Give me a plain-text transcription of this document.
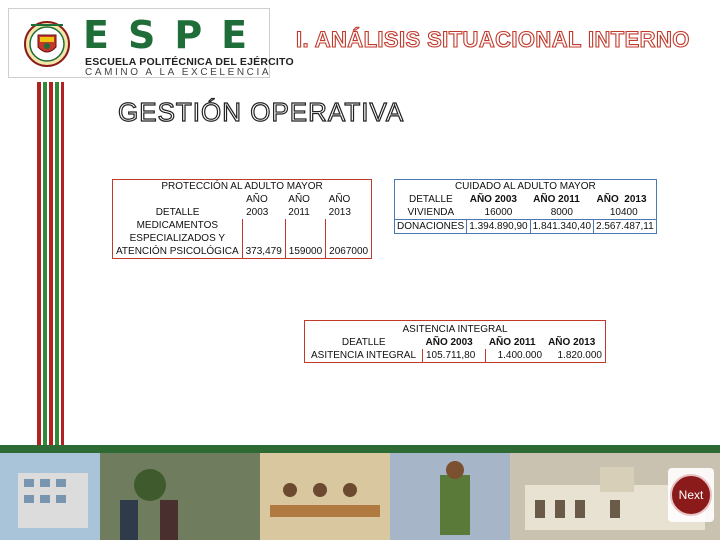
ESPE
ESCUELA POLITÉCNICA DEL EJÉRCITO
CAMINO A LA EXCELENCIA
I. ANÁLISIS SITUACIONAL INTERNO
GESTIÓN OPERATIVA
PROTECCIÓN AL ADULTO MAYOR				
DETALLE	AÑO	AÑO		AÑO
	2003	2011		2013

MEDICAMENTOS
ESPECIALIZADOS Y
ATENCIÓN PSICOLÓGICA	373,479	159000		2067000
CUIDADO AL ADULTO MAYOR			
DETALLE	AÑO 2003	AÑO 2011	AÑO  2013
VIVIENDA	16000	8000	10400
DONACIONES	1.394.890,90	1.841.340,40	2.567.487,11
ASITENCIA INTEGRAL			
DEATLLE	AÑO 2003	AÑO 2011	AÑO 2013
ASITENCIA INTEGRAL	105.711,80	1.400.000	1.820.000
Next
